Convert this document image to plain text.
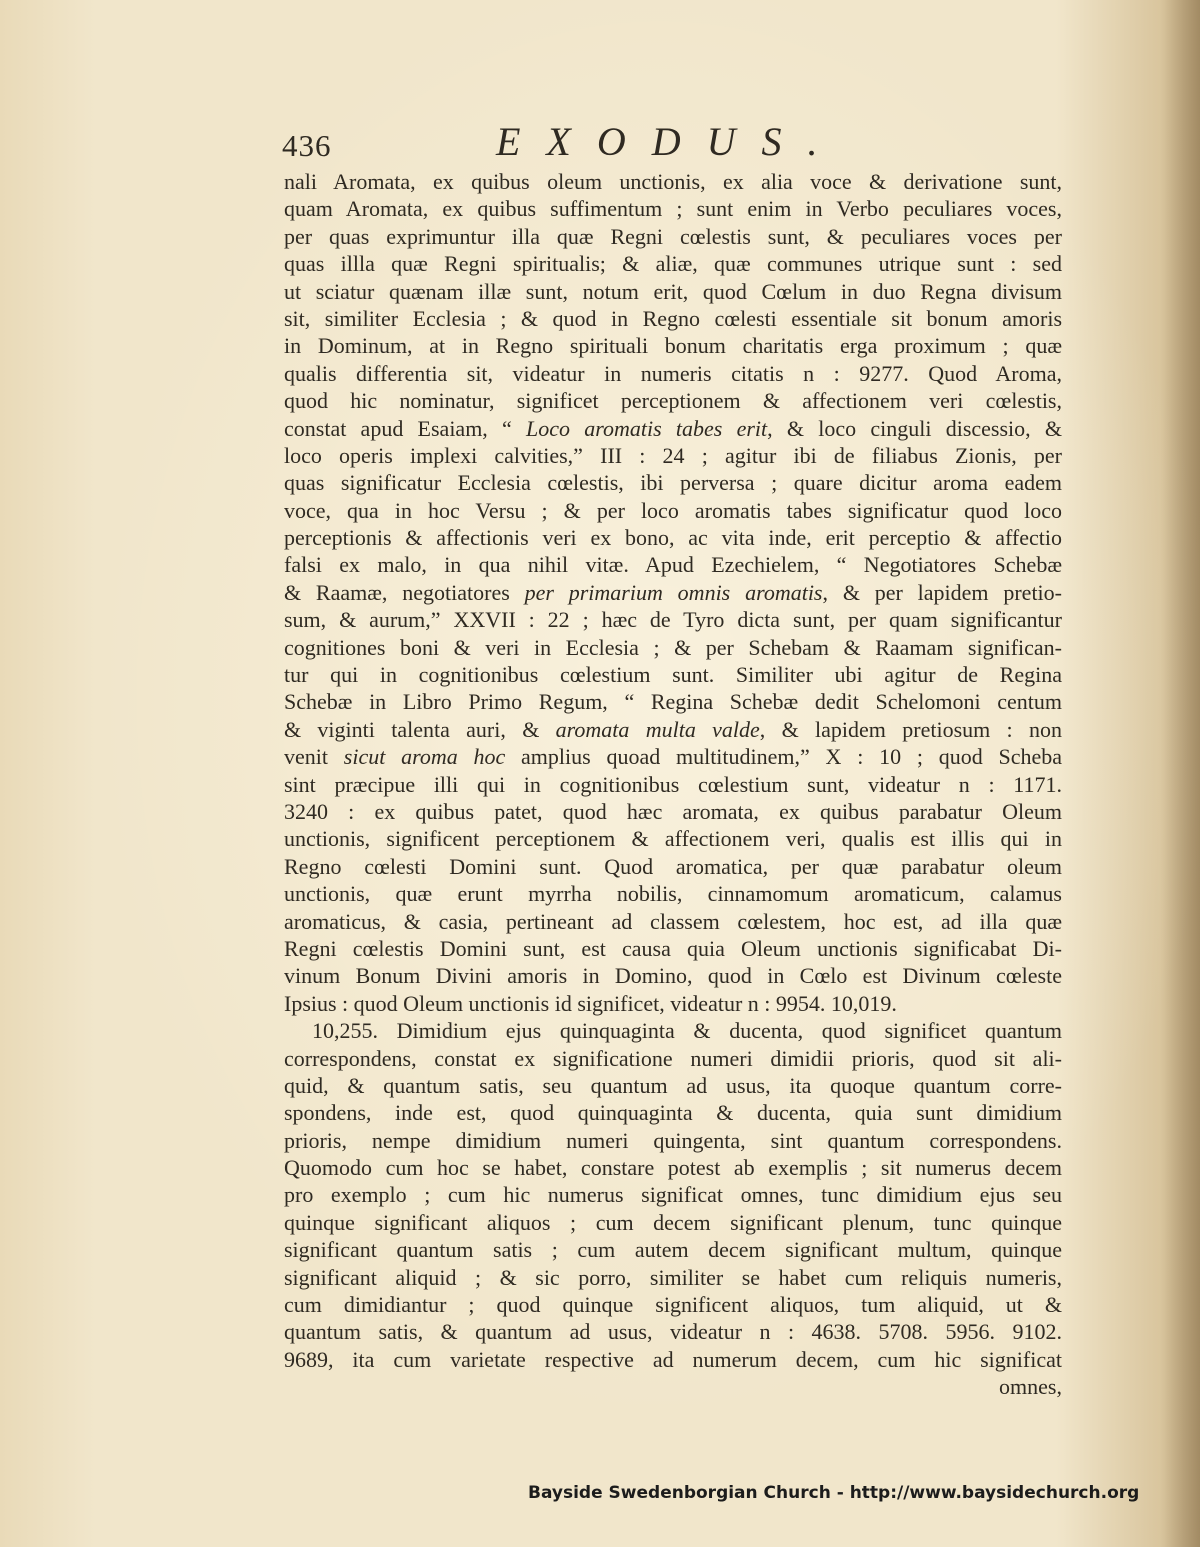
436	EXODUS.
nali Aromata, ex quibus oleum unctionis, ex alia voce & derivatione sunt,
quam Aromata, ex quibus suffimentum ; sunt enim in Verbo peculiares voces,
per quas exprimuntur illa quæ Regni cœlestis sunt, & peculiares voces per
quas illla quæ Regni spiritualis; & aliæ, quæ communes utrique sunt : sed
ut sciatur quænam illæ sunt, notum erit, quod Cœlum in duo Regna divisum
sit, similiter Ecclesia ; & quod in Regno cœlesti essentiale sit bonum amoris
in Dominum, at in Regno spirituali bonum charitatis erga proximum ; quæ
qualis differentia sit, videatur in numeris citatis n : 9277. Quod Aroma,
quod hic nominatur, significet perceptionem & affectionem veri cœlestis,
constat apud Esaiam, “ Loco aromatis tabes erit, & loco cinguli discessio, &
loco operis implexi calvities,” III : 24 ; agitur ibi de filiabus Zionis, per
quas significatur Ecclesia cœlestis, ibi perversa ; quare dicitur aroma eadem
voce, qua in hoc Versu ; & per loco aromatis tabes significatur quod loco
perceptionis & affectionis veri ex bono, ac vita inde, erit perceptio & affectio
falsi ex malo, in qua nihil vitæ. Apud Ezechielem, “ Negotiatores Schebæ
& Raamæ, negotiatores per primarium omnis aromatis, & per lapidem pretio-
sum, & aurum,” XXVII : 22 ; hæc de Tyro dicta sunt, per quam significantur
cognitiones boni & veri in Ecclesia ; & per Schebam & Raamam significan-
tur qui in cognitionibus cœlestium sunt. Similiter ubi agitur de Regina
Schebæ in Libro Primo Regum, “ Regina Schebæ dedit Schelomoni centum
& viginti talenta auri, & aromata multa valde, & lapidem pretiosum : non
venit sicut aroma hoc amplius quoad multitudinem,” X : 10 ; quod Scheba
sint præcipue illi qui in cognitionibus cœlestium sunt, videatur n : 1171.
3240 : ex quibus patet, quod hæc aromata, ex quibus parabatur Oleum
unctionis, significent perceptionem & affectionem veri, qualis est illis qui in
Regno cœlesti Domini sunt. Quod aromatica, per quæ parabatur oleum
unctionis, quæ erunt myrrha nobilis, cinnamomum aromaticum, calamus
aromaticus, & casia, pertineant ad classem cœlestem, hoc est, ad illa quæ
Regni cœlestis Domini sunt, est causa quia Oleum unctionis significabat Di-
vinum Bonum Divini amoris in Domino, quod in Cœlo est Divinum cœleste
Ipsius : quod Oleum unctionis id significet, videatur n : 9954. 10,019.
10,255. Dimidium ejus quinquaginta & ducenta, quod significet quantum
correspondens, constat ex significatione numeri dimidii prioris, quod sit ali-
quid, & quantum satis, seu quantum ad usus, ita quoque quantum corre-
spondens, inde est, quod quinquaginta & ducenta, quia sunt dimidium
prioris, nempe dimidium numeri quingenta, sint quantum correspondens.
Quomodo cum hoc se habet, constare potest ab exemplis ; sit numerus decem
pro exemplo ; cum hic numerus significat omnes, tunc dimidium ejus seu
quinque significant aliquos ; cum decem significant plenum, tunc quinque
significant quantum satis ; cum autem decem significant multum, quinque
significant aliquid ; & sic porro, similiter se habet cum reliquis numeris,
cum dimidiantur ; quod quinque significent aliquos, tum aliquid, ut &
quantum satis, & quantum ad usus, videatur n : 4638. 5708. 5956. 9102.
9689, ita cum varietate respective ad numerum decem, cum hic significat
omnes,
Bayside Swedenborgian Church - http://www.baysidechurch.org
